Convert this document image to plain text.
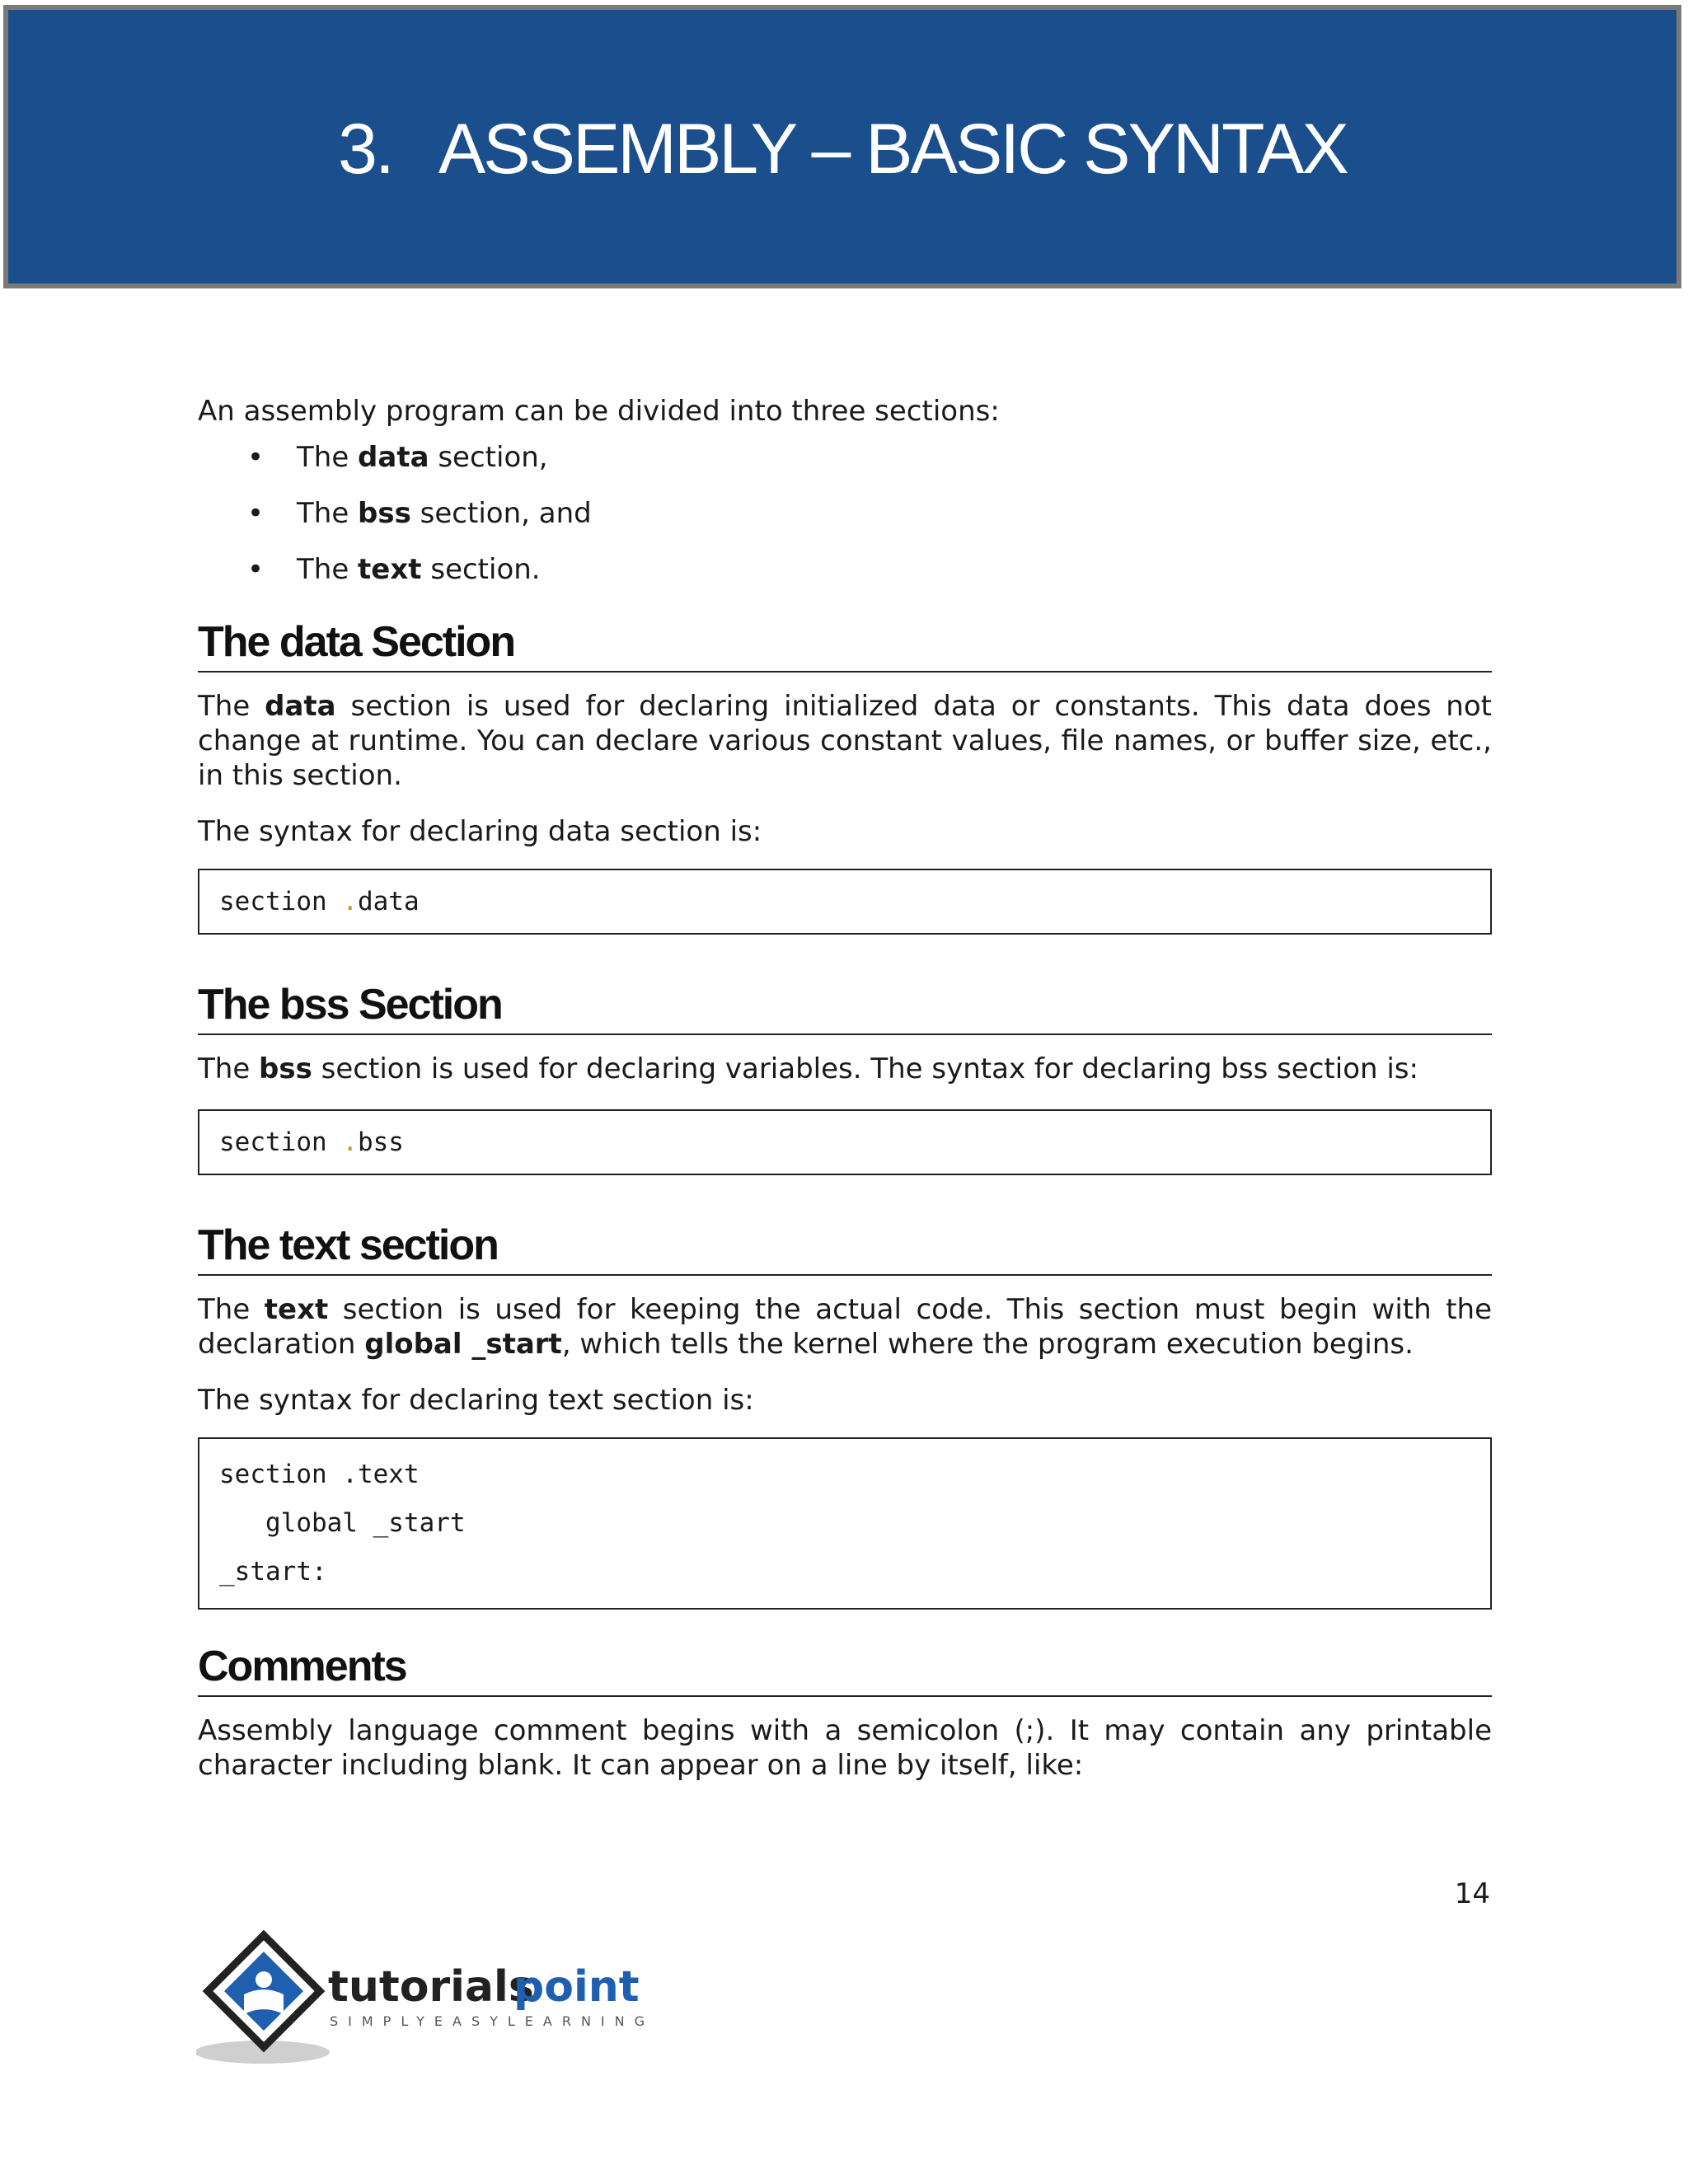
3. ASSEMBLY – BASIC SYNTAX

An assembly program can be divided into three sections:

• The data section,
• The bss section, and
• The text section.
The data Section

The data section is used for declaring initialized data or constants. This data does not change at runtime. You can declare various constant values, file names, or buffer size, etc., in this section.

The syntax for declaring data section is:

section .data
The bss Section

The bss section is used for declaring variables. The syntax for declaring bss section is:

section .bss
The text section

The text section is used for keeping the actual code. This section must begin with the declaration global _start, which tells the kernel where the program execution begins.

The syntax for declaring text section is:

section .text
global _start
_start:
Comments

Assembly language comment begins with a semicolon (;). It may contain any printable character including blank. It can appear on a line by itself, like:

14
tutorials
point
SIMPLYEASYLEARNING
